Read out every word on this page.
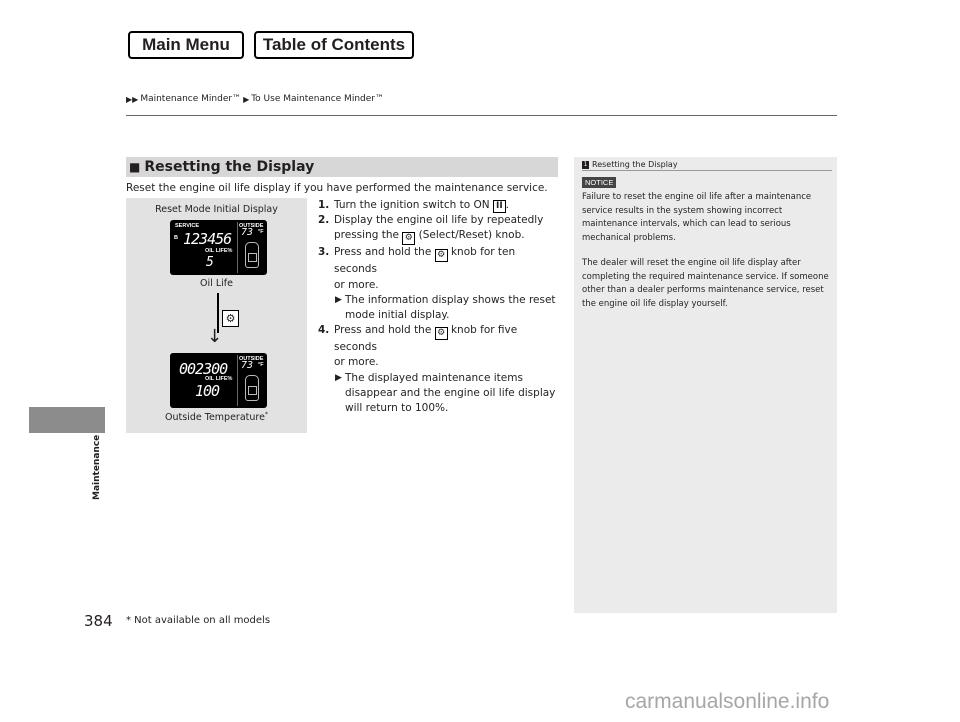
Main Menu	Table of Contents
▶▶ Maintenance Minder™ ▶ To Use Maintenance Minder™
Maintenance
■ Resetting the Display
Reset the engine oil life display if you have performed the maintenance service.
Reset Mode Initial Display
SERVICE
B 123456
OIL LIFE%
5
OUTSIDE
73 °F
Oil Life
002300
OIL LIFE%
100
OUTSIDE
73 °F
Outside Temperature*
↓
⚙
1. Turn the ignition switch to ON II .
2. Display the engine oil life by repeatedly
pressing the ⚙ (Select/Reset) knob.
3. Press and hold the ⚙ knob for ten seconds
or more.
▶ The information display shows the reset
mode initial display.
4. Press and hold the ⚙ knob for five seconds
or more.
▶ The displayed maintenance items
disappear and the engine oil life display
will return to 100%.
1 Resetting the Display
NOTICE
Failure to reset the engine oil life after a maintenance service results in the system showing incorrect maintenance intervals, which can lead to serious mechanical problems.
The dealer will reset the engine oil life display after completing the required maintenance service. If someone other than a dealer performs maintenance service, reset the engine oil life display yourself.
384 * Not available on all models
carmanualsonline.info
